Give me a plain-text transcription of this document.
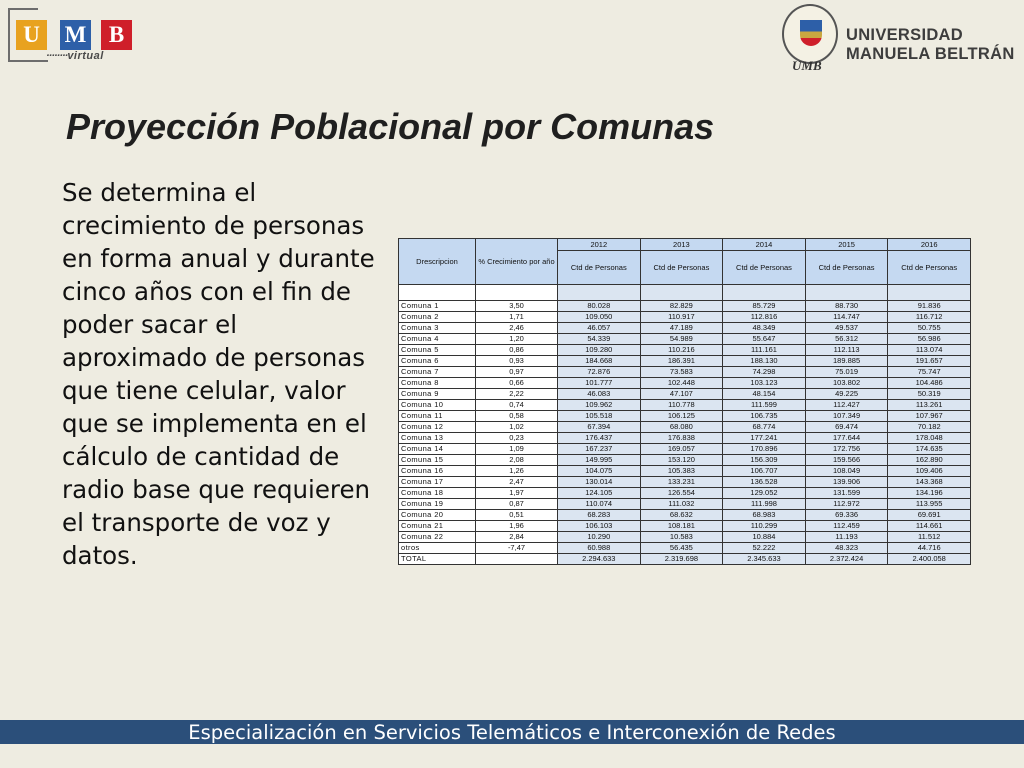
U	M B
········virtual
UMB
UNIVERSIDAD
MANUELA BELTRÁN
Proyección Poblacional por Comunas
Se determina el crecimiento de personas en forma anual y durante cinco años con el fin de poder sacar el aproximado de personas que tiene celular, valor que se implementa en el cálculo de cantidad de radio base que requieren el transporte de voz y datos.
Drescripcion	% Crecimiento por año	2012	2013	2014	2015	2016
		Ctd de Personas	Ctd de Personas	Ctd de Personas	Ctd de Personas	Ctd de Personas

Comuna 1	3,50	80.028	82.829	85.729	88.730	91.836
Comuna 2	1,71	109.050	110.917	112.816	114.747	116.712
Comuna 3	2,46	46.057	47.189	48.349	49.537	50.755
Comuna 4	1,20	54.339	54.989	55.647	56.312	56.986
Comuna 5	0,86	109.280	110.216	111.161	112.113	113.074
Comuna 6	0,93	184.668	186.391	188.130	189.885	191.657
Comuna 7	0,97	72.876	73.583	74.298	75.019	75.747
Comuna 8	0,66	101.777	102.448	103.123	103.802	104.486
Comuna 9	2,22	46.083	47.107	48.154	49.225	50.319
Comuna 10	0,74	109.962	110.778	111.599	112.427	113.261
Comuna 11	0,58	105.518	106.125	106.735	107.349	107.967
Comuna 12	1,02	67.394	68.080	68.774	69.474	70.182
Comuna 13	0,23	176.437	176.838	177.241	177.644	178.048
Comuna 14	1,09	167.237	169.057	170.896	172.756	174.635
Comuna 15	2,08	149.995	153.120	156.309	159.566	162.890
Comuna 16	1,26	104.075	105.383	106.707	108.049	109.406
Comuna 17	2,47	130.014	133.231	136.528	139.906	143.368
Comuna 18	1,97	124.105	126.554	129.052	131.599	134.196
Comuna 19	0,87	110.074	111.032	111.998	112.972	113.955
Comuna 20	0,51	68.283	68.632	68.983	69.336	69.691
Comuna 21	1,96	106.103	108.181	110.299	112.459	114.661
Comuna 22	2,84	10.290	10.583	10.884	11.193	11.512
otros	-7,47	60.988	56.435	52.222	48.323	44.716
TOTAL		2.294.633	2.319.698	2.345.633	2.372.424	2.400.058
Especialización en Servicios Telemáticos e Interconexión de Redes
